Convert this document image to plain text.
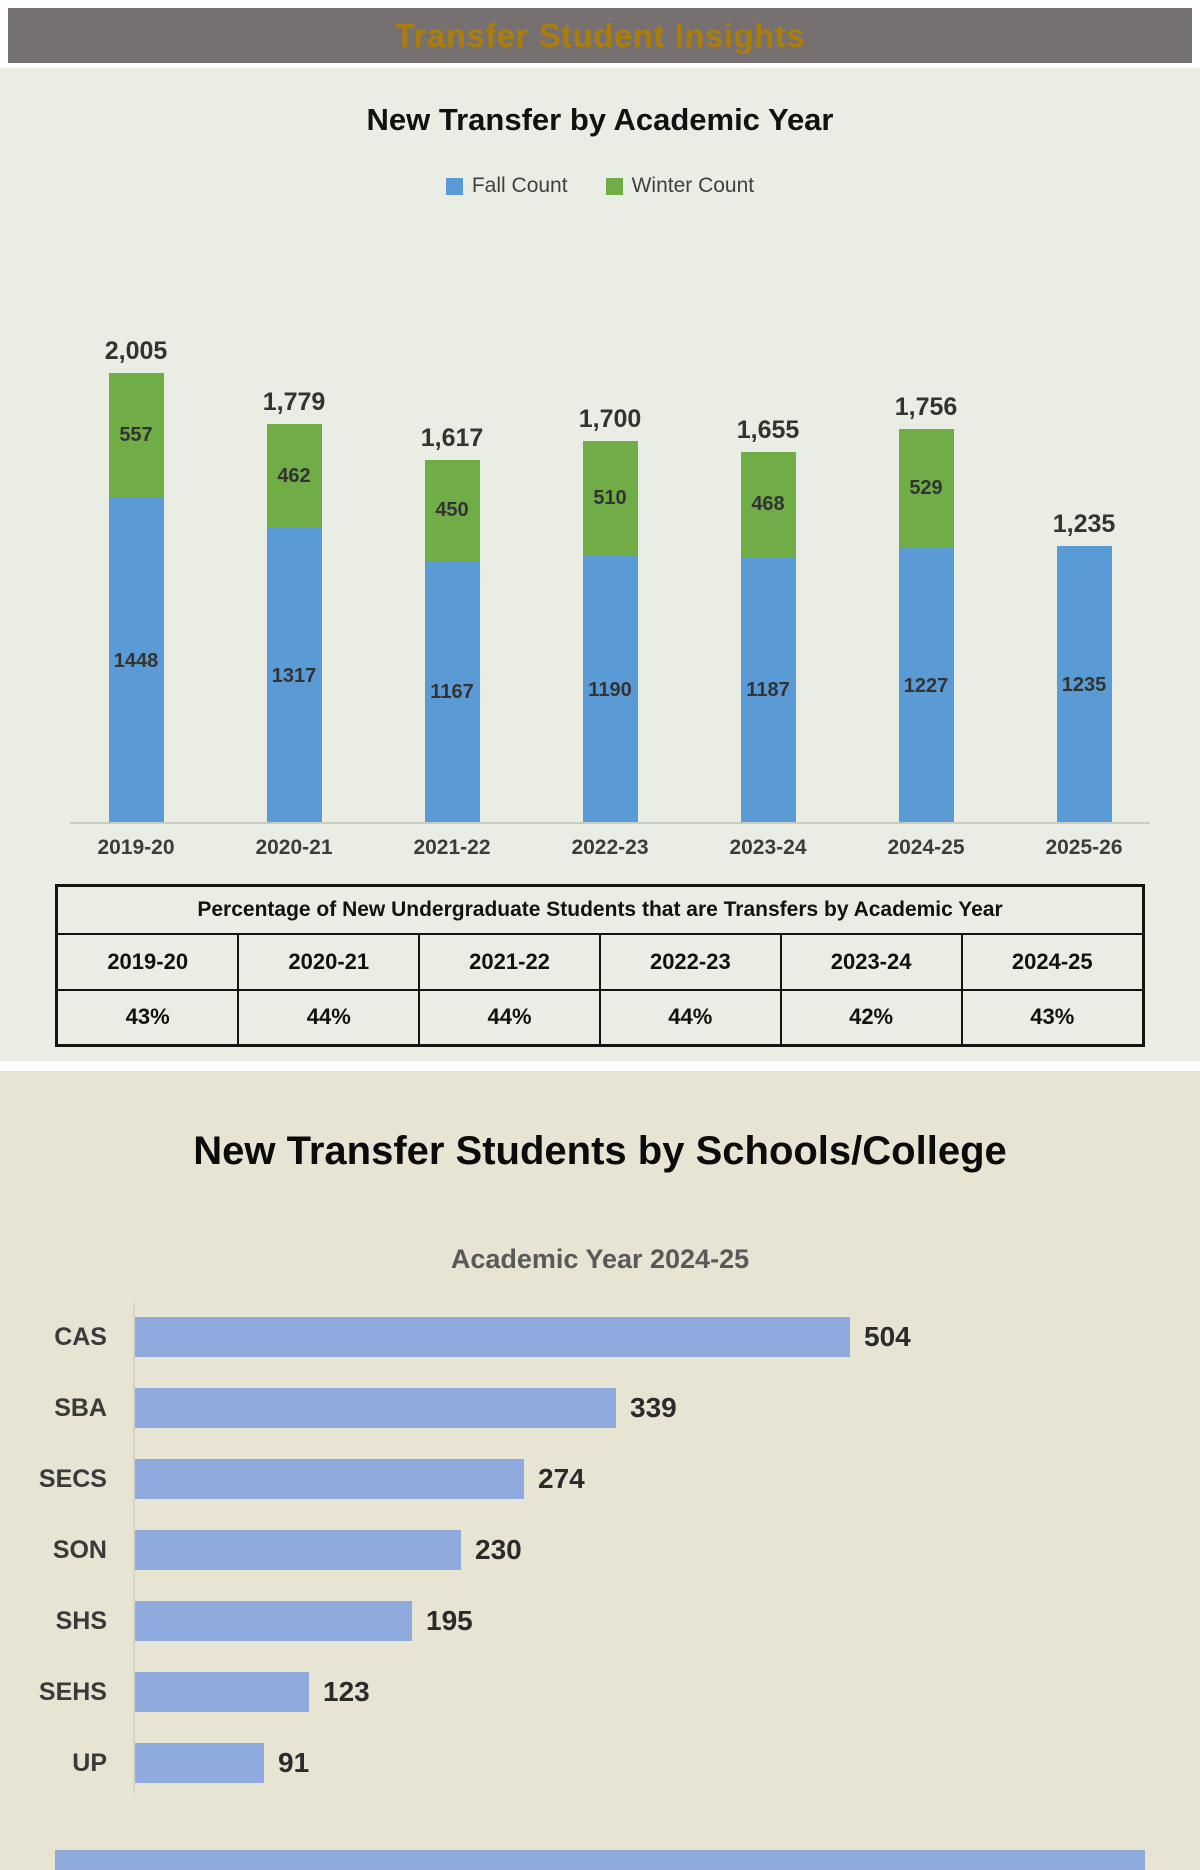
Transfer Student Insights
New Transfer by Academic Year
Fall Count	Winter Count
2,005
557
1448
2019-20
1,779
462
1317
2020-21
1,617
450
1167
2021-22
1,700
510
1190
2022-23
1,655
468
1187
2023-24
1,756
529
1227
2024-25
1,235
1235
2025-26
Percentage of New Undergraduate Students that are Transfers by Academic Year					
2019-20	2020-21	2021-22	2022-23	2023-24	2024-25
43%	44%	44%	44%	42%	43%
New Transfer Students by Schools/College
Academic Year 2024-25
CAS	504
SBA	339
SECS	274
SON	230
SHS	195
SEHS	123
UP	91
